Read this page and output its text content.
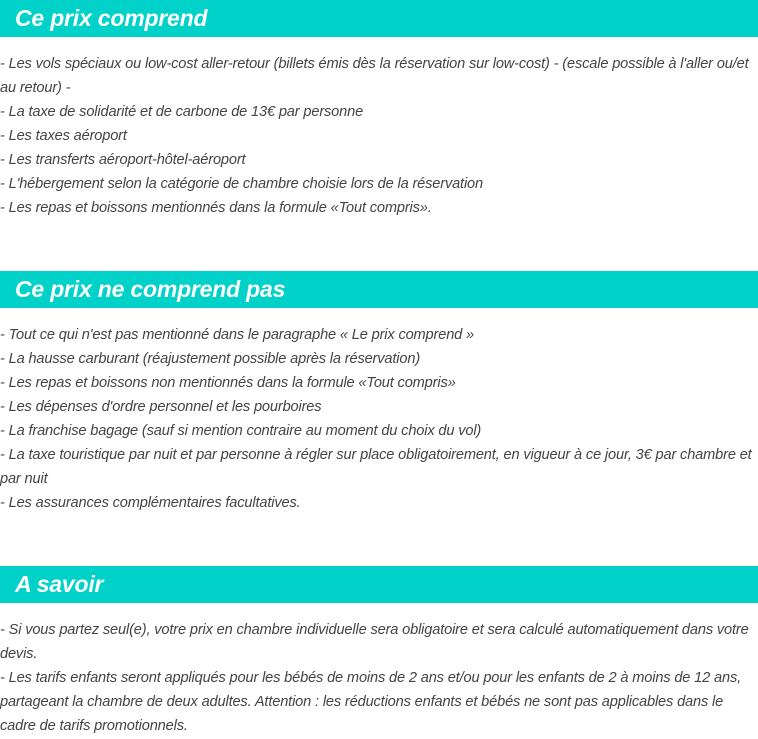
Ce prix comprend
- Les vols spéciaux ou low-cost aller-retour (billets émis dès la réservation sur low-cost) - (escale possible à l'aller ou/et au retour) -
- La taxe de solidarité et de carbone de 13€ par personne
- Les taxes aéroport
- Les transferts aéroport-hôtel-aéroport
- L'hébergement selon la catégorie de chambre choisie lors de la réservation
- Les repas et boissons mentionnés dans la formule «Tout compris».
Ce prix ne comprend pas
- Tout ce qui n'est pas mentionné dans le paragraphe « Le prix comprend »
- La hausse carburant (réajustement possible après la réservation)
- Les repas et boissons non mentionnés dans la formule «Tout compris»
- Les dépenses d'ordre personnel et les pourboires
- La franchise bagage (sauf si mention contraire au moment du choix du vol)
- La taxe touristique par nuit et par personne à régler sur place obligatoirement, en vigueur à ce jour, 3€ par chambre et par nuit
- Les assurances complémentaires facultatives.
A savoir
- Si vous partez seul(e), votre prix en chambre individuelle sera obligatoire et sera calculé automatiquement dans votre devis.
- Les tarifs enfants seront appliqués pour les bébés de moins de 2 ans et/ou pour les enfants de 2 à moins de 12 ans, partageant la chambre de deux adultes. Attention : les réductions enfants et bébés ne sont pas applicables dans le cadre de tarifs promotionnels.
